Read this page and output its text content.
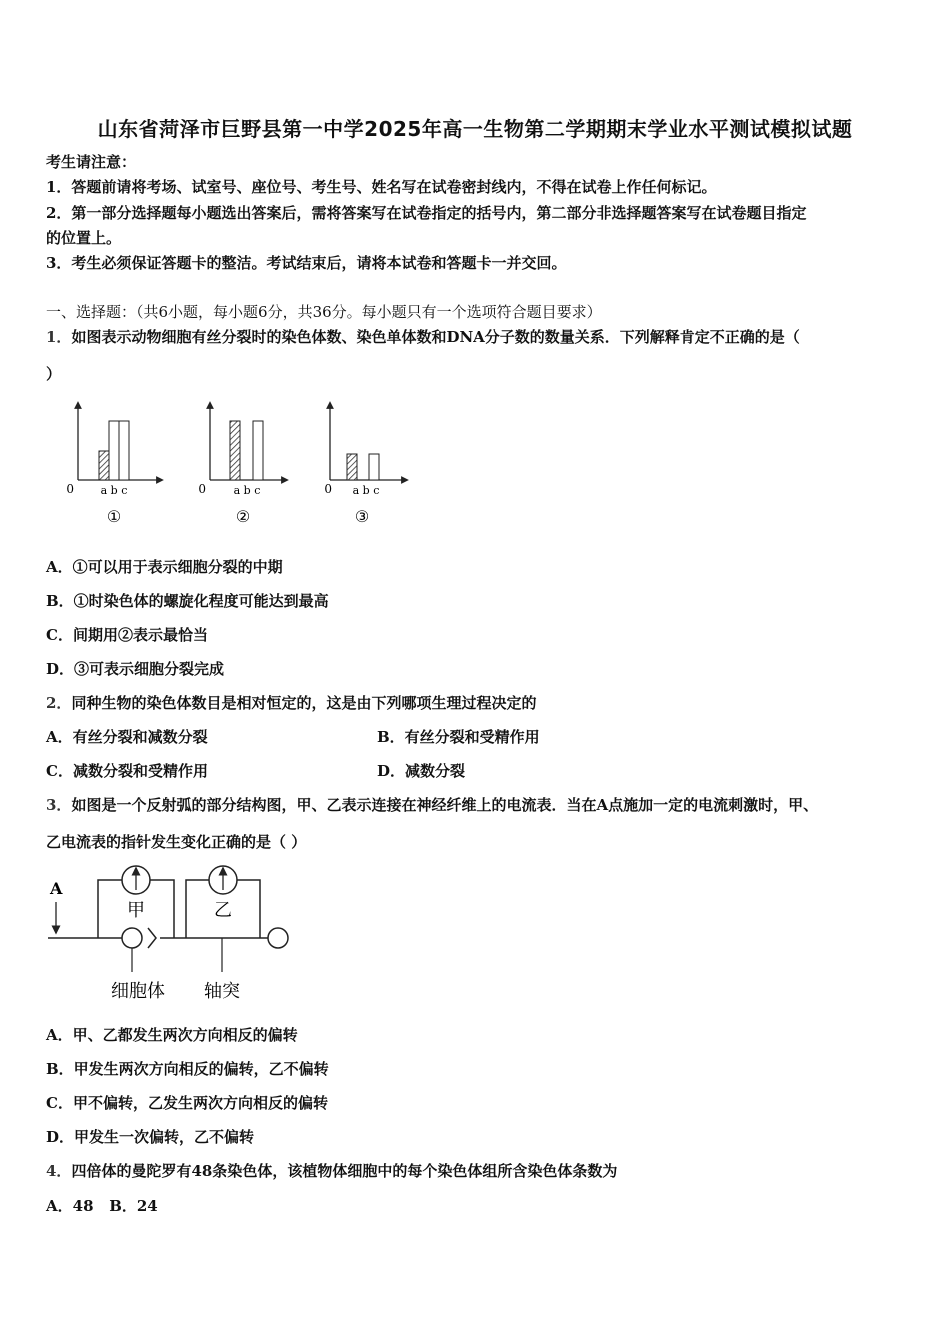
山东省菏泽市巨野县第一中学2025年高一生物第二学期期末学业水平测试模拟试题
考生请注意：
1．答题前请将考场、试室号、座位号、考生号、姓名写在试卷密封线内，不得在试卷上作任何标记。
2．第一部分选择题每小题选出答案后，需将答案写在试卷指定的括号内，第二部分非选择题答案写在试卷题目指定
的位置上。
3．考生必须保证答题卡的整洁。考试结束后，请将本试卷和答题卡一并交回。
一、选择题：（共6小题，每小题6分，共36分。每小题只有一个选项符合题目要求）
1．如图表示动物细胞有丝分裂时的染色体数、染色单体数和DNA分子数的数量关系．下列解释肯定不正确的是（
）
0 a b c
①
0	a b c
②
0 a b c
③
A．①可以用于表示细胞分裂的中期
B．①时染色体的螺旋化程度可能达到最高
C．间期用②表示最恰当
D．③可表示细胞分裂完成
2．同种生物的染色体数目是相对恒定的，这是由下列哪项生理过程决定的
A．有丝分裂和减数分裂	B．有丝分裂和受精作用
C．减数分裂和受精作用	D．减数分裂
3．如图是一个反射弧的部分结构图，甲、乙表示连接在神经纤维上的电流表．当在A点施加一定的电流刺激时，甲、
乙电流表的指针发生变化正确的是（ ）
A
甲	乙
细胞体 轴突
A．甲、乙都发生两次方向相反的偏转
B．甲发生两次方向相反的偏转，乙不偏转
C．甲不偏转，乙发生两次方向相反的偏转
D．甲发生一次偏转，乙不偏转
4．四倍体的曼陀罗有48条染色体，该植物体细胞中的每个染色体组所含染色体条数为
A．48 B．24
